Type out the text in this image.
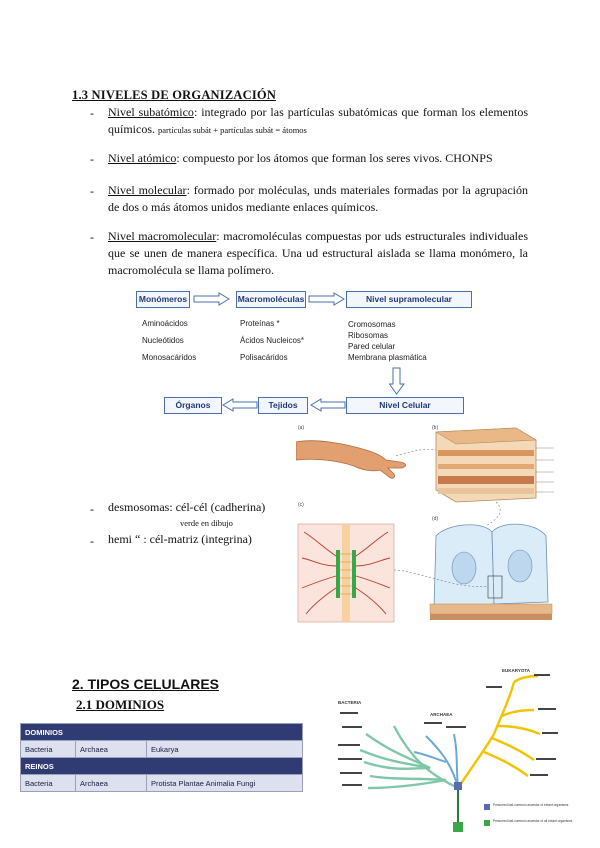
1.3 NIVELES DE ORGANIZACIÓN
- Nivel subatómico: integrado por las partículas subatómicas que forman los elementos químicos. partículas subát + partículas subát = átomos
- Nivel atómico: compuesto por los átomos que forman los seres vivos. CHONPS
- Nivel molecular: formado por moléculas, unds materiales formadas por la agrupación de dos o más átomos unidos mediante enlaces químicos.
- Nivel macromolecular: macromoléculas compuestas por uds estructurales individuales que se unen de manera específica. Una ud estructural aislada se llama monómero, la macromolécula se llama polímero.
Monómeros	Macromoléculas	Nivel supramolecular
Aminoácidos
Nucleótidos
Monosacáridos
Proteínas *
Ácidos Nucleicos*
Polisacáridos
Cromosomas
Ribosomas
Pared celular
Membrana plasmática
Nivel Celular
Tejidos
Órganos
(b)
(a)
(c)
(d)
- desmosomas: cél-cél (cadherina)
verde en dibujo
- hemi “ : cél-matriz (integrina)
2. TIPOS CELULARES
2.1 DOMINIOS
DOMINIOS		
Bacteria	Archaea	Eukarya
REINOS		
Bacteria	Archaea	Protista Plantae Animalia Fungi
BACTERIA
ARCHAEA
EUKARYOTA
Presumed last common ancestor of extant organisms
Presumed last common ancestor of all extant organisms
